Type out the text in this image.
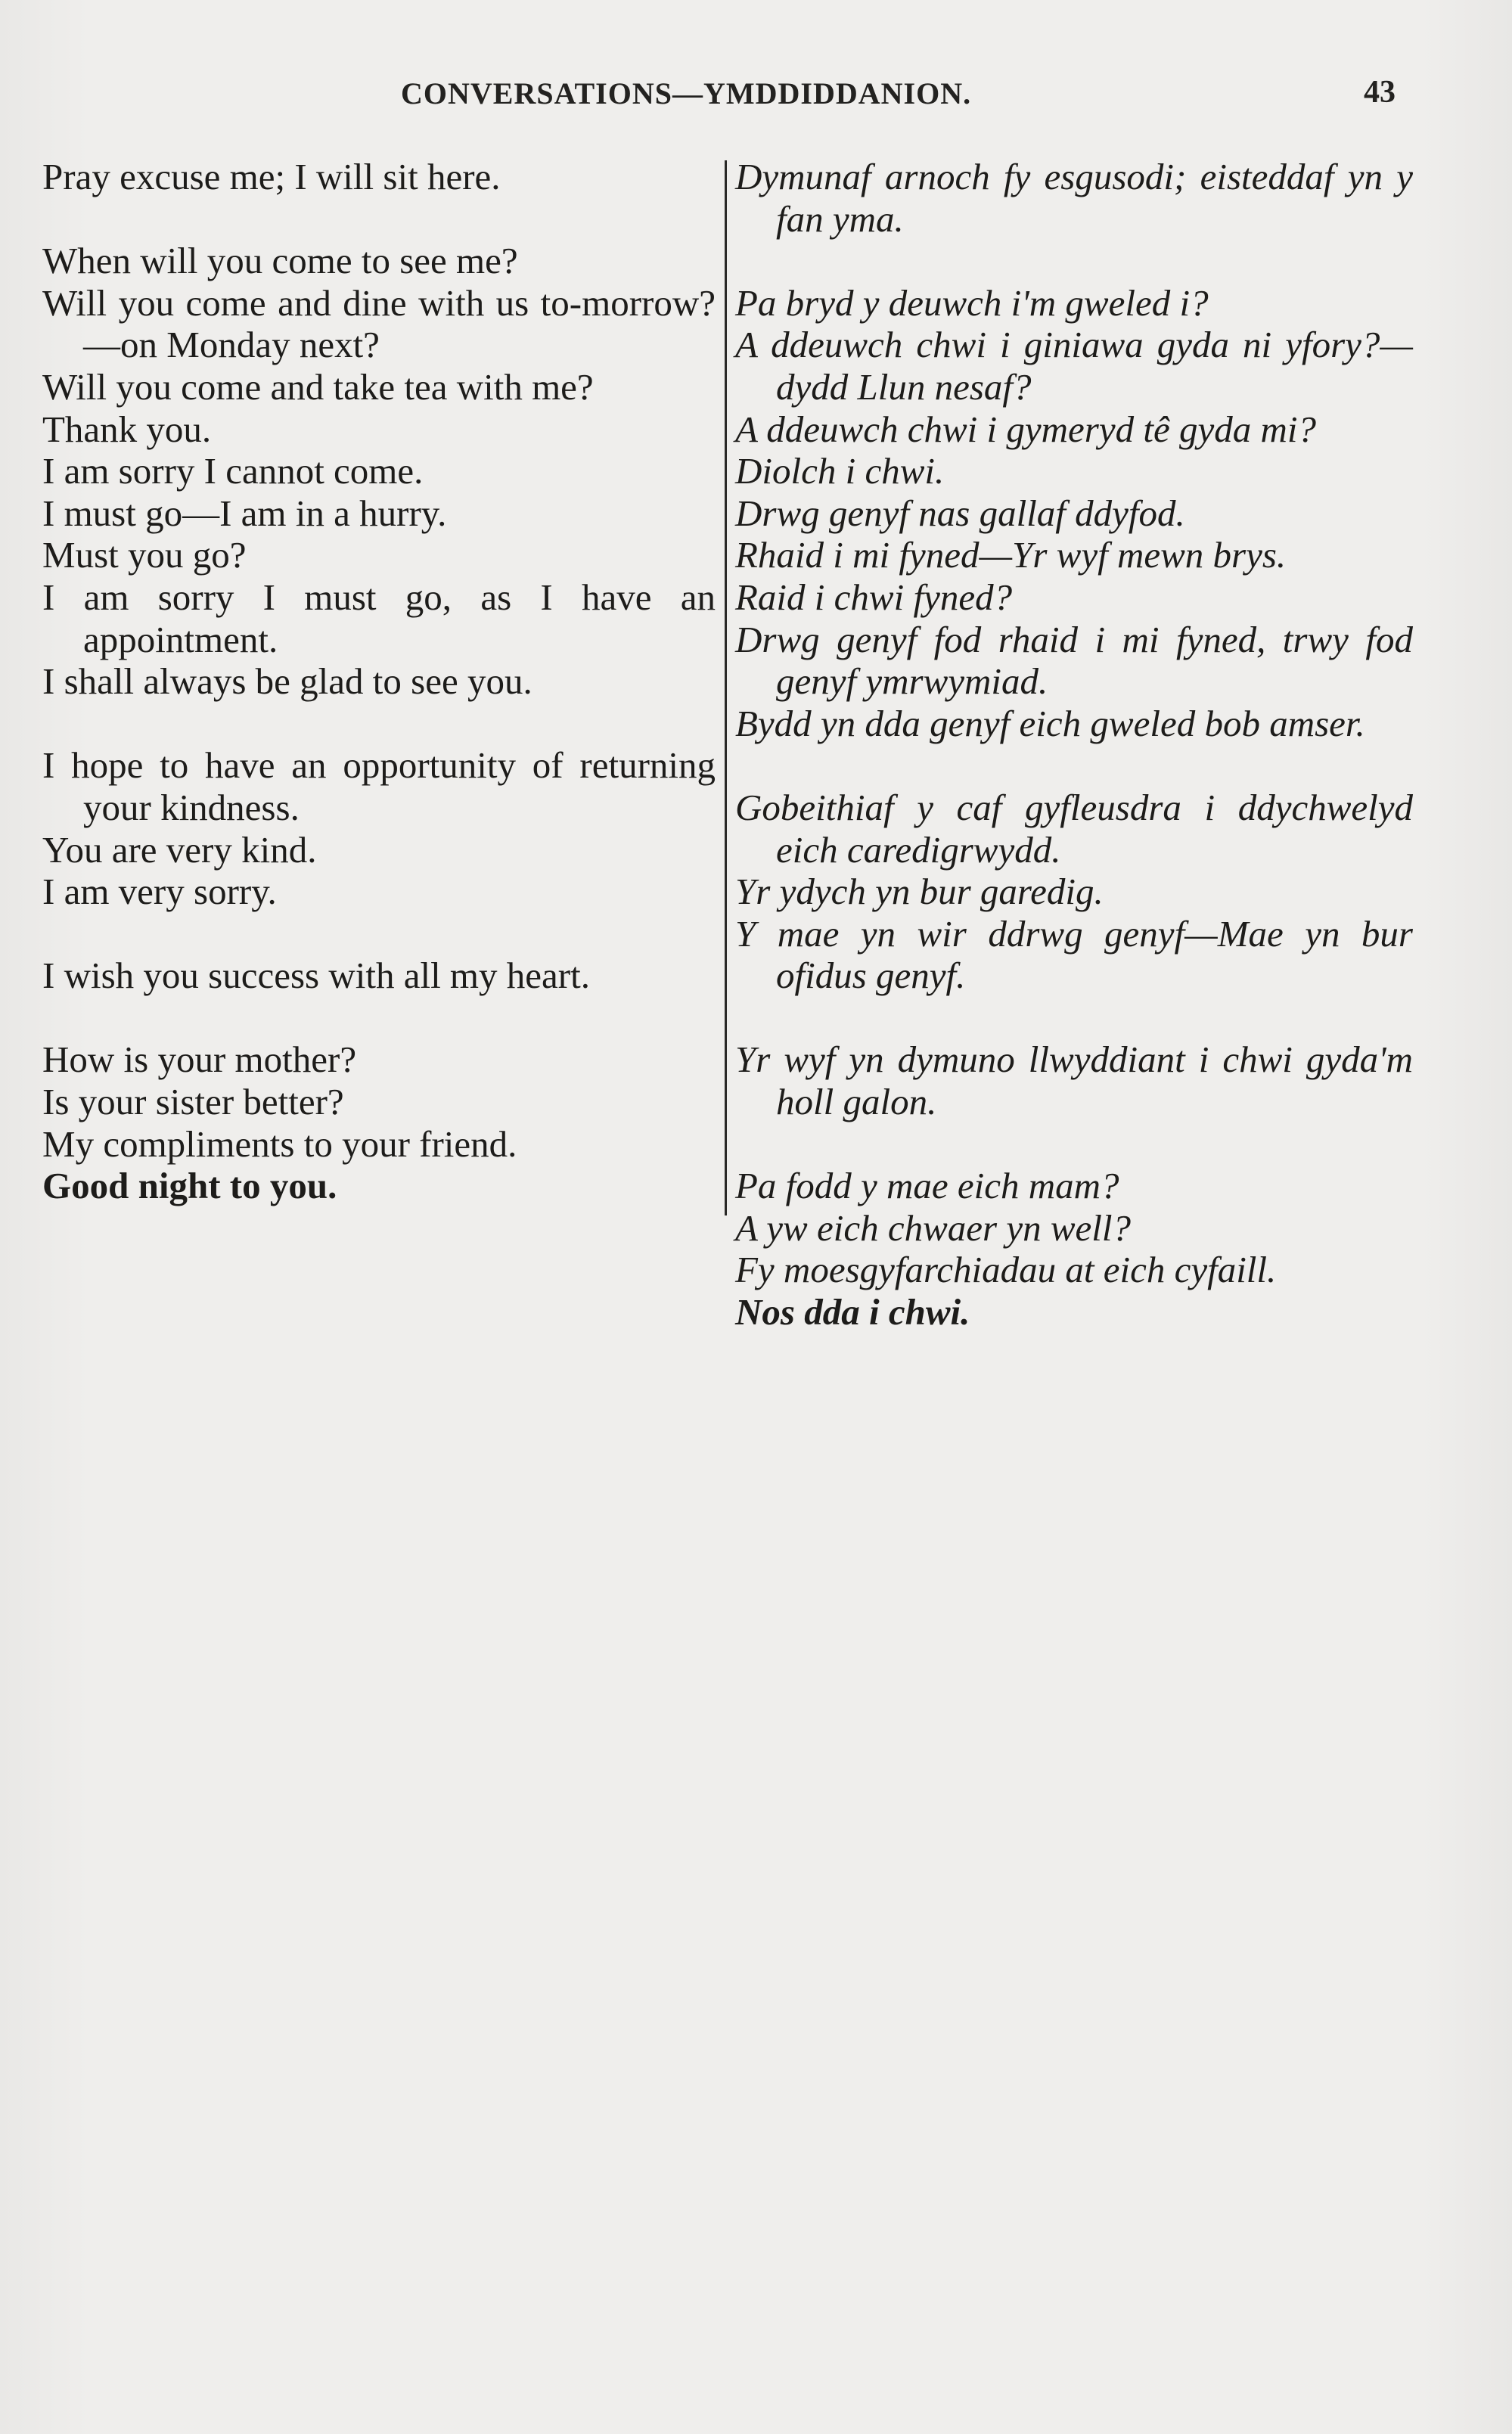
CONVERSATIONS—YMDDIDDANION.	43

Pray excuse me; I will sit here.

When will you come to see me?

Will you come and dine with us to-morrow?—on Monday next?

Will you come and take tea with me?

Thank you.

I am sorry I cannot come.

I must go—I am in a hurry.

Must you go?

I am sorry I must go, as I have an appointment.

I shall always be glad to see you.

I hope to have an opportunity of returning your kindness.

You are very kind.

I am very sorry.

I wish you success with all my heart.

How is your mother?

Is your sister better?

My compliments to your friend.

Good night to you.

Dymunaf arnoch fy esgusodi; eisteddaf yn y fan yma.

Pa bryd y deuwch i'm gweled i?

A ddeuwch chwi i giniawa gyda ni yfory?—dydd Llun nesaf?

A ddeuwch chwi i gymeryd tê gyda mi?

Diolch i chwi.

Drwg genyf nas gallaf ddyfod.

Rhaid i mi fyned—Yr wyf mewn brys.

Raid i chwi fyned?

Drwg genyf fod rhaid i mi fyned, trwy fod genyf ymrwymiad.

Bydd yn dda genyf eich gweled bob amser.

Gobeithiaf y caf gyfleusdra i ddychwelyd eich caredigrwydd.

Yr ydych yn bur garedig.

Y mae yn wir ddrwg genyf—Mae yn bur ofidus genyf.

Yr wyf yn dymuno llwyddiant i chwi gyda'm holl galon.

Pa fodd y mae eich mam?

A yw eich chwaer yn well?

Fy moesgyfarchiadau at eich cyfaill.

Nos dda i chwi.
